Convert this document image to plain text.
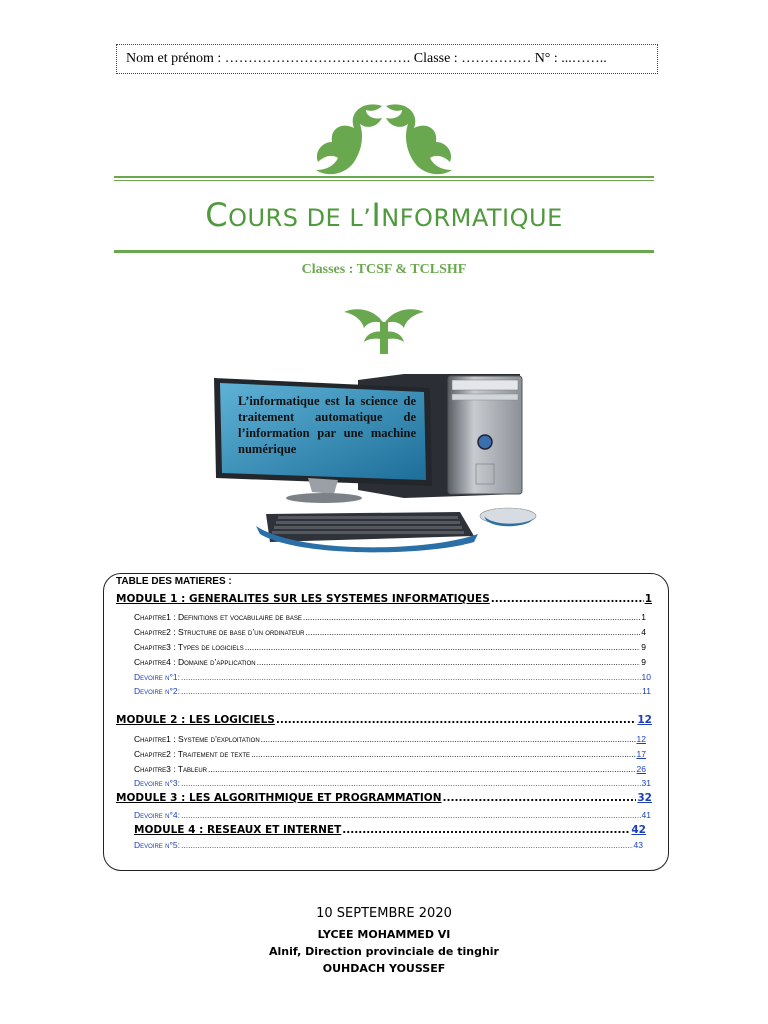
Nom et prénom : …………………………………. Classe : …………… N° : ...……..
COURS DE L’INFORMATIQUE
Classes : TCSF & TCLSHF
L’informatique est la science de traitement automatique de l’information par une machine numérique
TABLE DES MATIERES :
MODULE 1 : GENERALITES SUR LES SYSTEMES INFORMATIQUES .....	1
Chapitre1 : Definitions et vocabulaire de base .....	1
Chapitre2 : Structure de base d’un ordinateur .....	4
Chapitre3 : Types de logiciels .....	9
Chapitre4 : Domaine d’application .....	9
Devoire n°1: .....	10
Devoire n°2: .....	11
MODULE 2 : LES LOGICIELS .....	12
Chapitre1 : Systeme d’exploitation .....	12
Chapitre2 : Traitement de texte .....	17
Chapitre3 : Tableur .....	26
Devoire n°3: .....	31
MODULE 3 : LES ALGORITHMIQUE ET PROGRAMMATION .....	32
Devoire n°4: .....	41
MODULE 4 : RESEAUX ET INTERNET .....	42
Devoire n°5: .....	43
10 SEPTEMBRE 2020
LYCEE MOHAMMED VI
Alnif, Direction provinciale de tinghir
OUHDACH YOUSSEF
